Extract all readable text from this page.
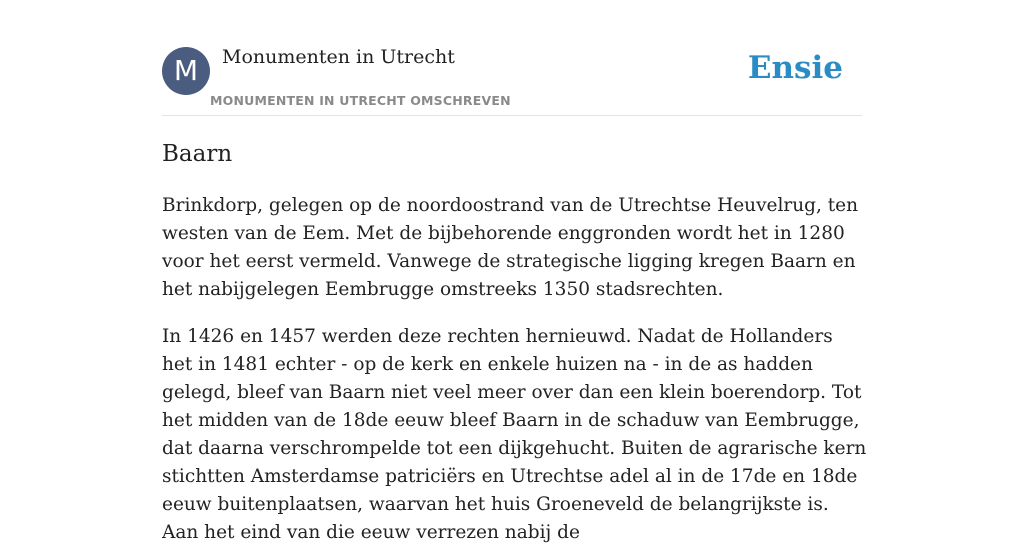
M	Monumenten in Utrecht
MONUMENTEN IN UTRECHT OMSCHREVEN
Ensie
Baarn

Brinkdorp, gelegen op de noordoostrand van de Utrechtse Heuvelrug, ten westen van de Eem. Met de bijbehorende enggronden wordt het in 1280 voor het eerst vermeld. Vanwege de strategische ligging kregen Baarn en het nabijgelegen Eembrugge omstreeks 1350 stadsrechten.

In 1426 en 1457 werden deze rechten hernieuwd. Nadat de Hollanders het in 1481 echter - op de kerk en enkele huizen na - in de as hadden gelegd, bleef van Baarn niet veel meer over dan een klein boerendorp. Tot het midden van de 18de eeuw bleef Baarn in de schaduw van Eembrugge, dat daarna verschrompelde tot een dijkgehucht. Buiten de agrarische kern stichtten Amsterdamse patriciërs en Utrechtse adel al in de 17de en 18de eeuw buitenplaatsen, waarvan het huis Groeneveld de belangrijkste is. Aan het eind van die eeuw verrezen nabij de
